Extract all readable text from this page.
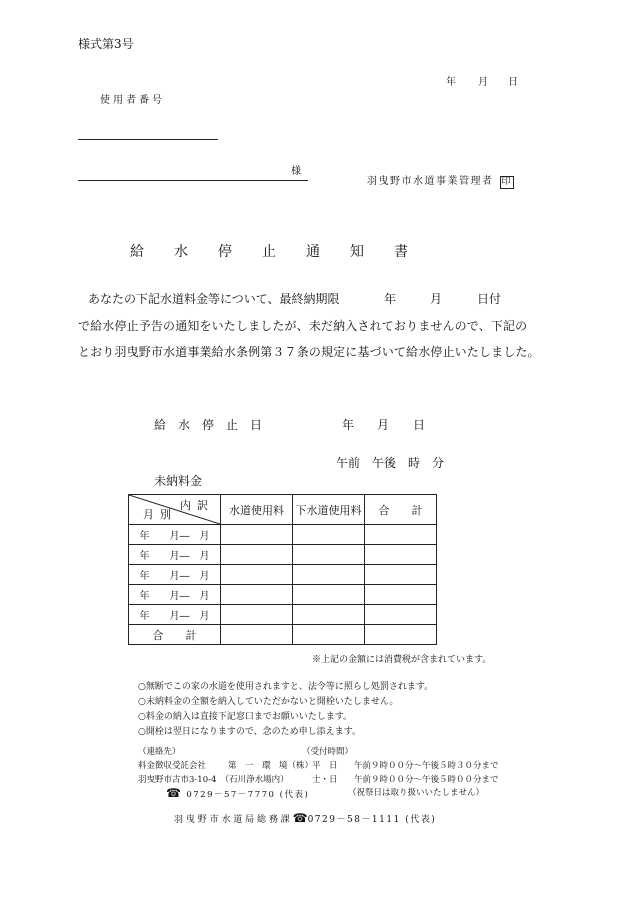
様式第3号
年 月 日
使用者番号
様
羽曳野市水道事業管理者 印
給　水　停　止　通　知　書
あなたの下記水道料金等について、最終納期限	年	月	日付
で給水停止予告の通知をいたしましたが、未だ納入されておりませんので、下記の
とおり羽曳野市水道事業給水条例第３７条の規定に基づいて給水停止いたしました。
給　水　停　止　日	年 月 日
午前　午後　時　分
未納料金
内訳
月別	水道使用料	下水道使用料	合　　計
年　　月―　月			
年　　月―　月			
年　　月―　月			
年　　月―　月			
年　　月―　月			
合　　計			
※上記の金額には消費税が含まれています。
○無断でこの家の水道を使用されますと、法令等に照らし処罰されます。
○未納料金の全額を納入していただかないと開栓いたしません。
○料金の納入は直接下記窓口までお願いいたします。
○開栓は翌日になりますので、念のため申し添えます。
（連絡先）
料金徴収受託会社	第　一　環　境（株）
羽曳野市古市3-10-4　（石川浄水場内）
☎ 0729－57－7770 (代表)
（受付時間）
平　日 午前９時００分～午後５時３０分まで
士・日 午前９時００分～午後５時００分まで
（祝祭日は取り扱いいたしません）
羽 曳 野 市 水 道 局 総 務 課 ☎0729－58－1111 (代表)
